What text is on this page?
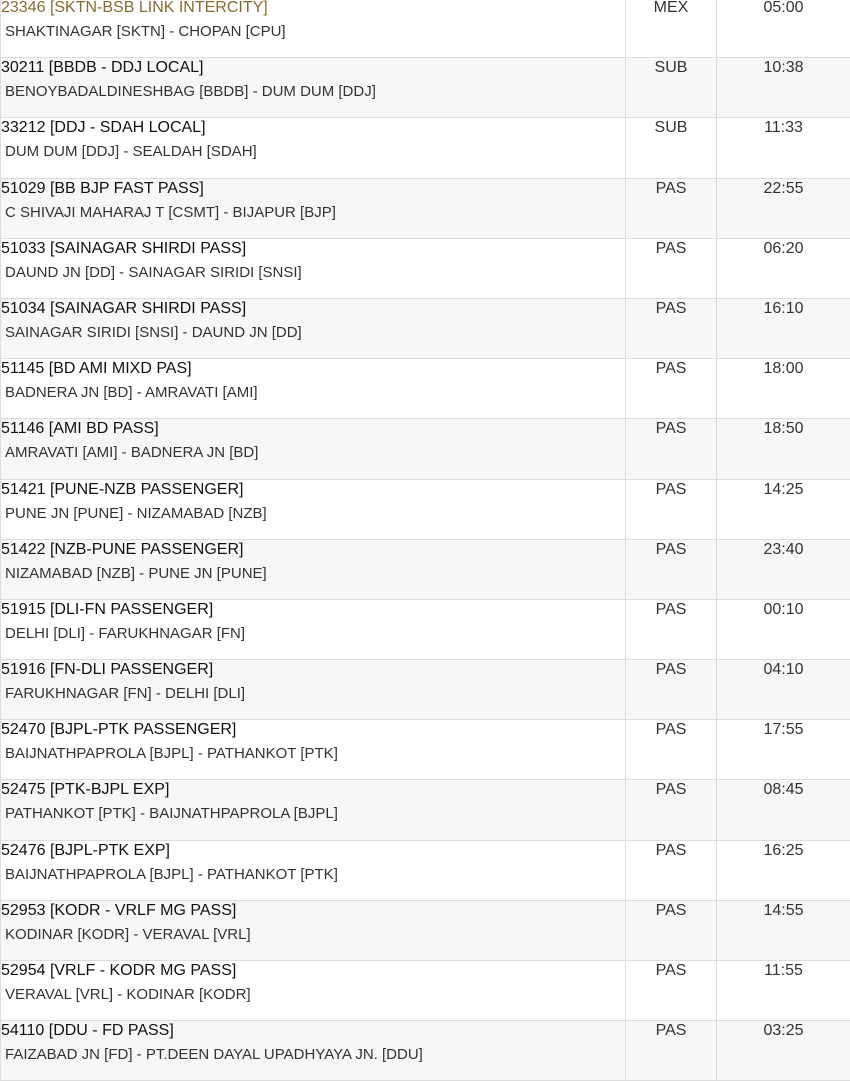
23346 [SKTN-BSB LINK INTERCITY]
SHAKTINAGAR [SKTN] - CHOPAN [CPU]	MEX	05:00

30211 [BBDB - DDJ LOCAL]
BENOYBADALDINESHBAG [BBDB] - DUM DUM [DDJ]	SUB	10:38

33212 [DDJ - SDAH LOCAL]
DUM DUM [DDJ] - SEALDAH [SDAH]	SUB	11:33

51029 [BB BJP FAST PASS]
C SHIVAJI MAHARAJ T [CSMT] - BIJAPUR [BJP]	PAS	22:55

51033 [SAINAGAR SHIRDI PASS]
DAUND JN [DD] - SAINAGAR SIRIDI [SNSI]	PAS	06:20

51034 [SAINAGAR SHIRDI PASS]
SAINAGAR SIRIDI [SNSI] - DAUND JN [DD]	PAS	16:10

51145 [BD AMI MIXD PAS]
BADNERA JN [BD] - AMRAVATI [AMI]	PAS	18:00

51146 [AMI BD PASS]
AMRAVATI [AMI] - BADNERA JN [BD]	PAS	18:50

51421 [PUNE-NZB PASSENGER]
PUNE JN [PUNE] - NIZAMABAD [NZB]	PAS	14:25

51422 [NZB-PUNE PASSENGER]
NIZAMABAD [NZB] - PUNE JN [PUNE]	PAS	23:40

51915 [DLI-FN PASSENGER]
DELHI [DLI] - FARUKHNAGAR [FN]	PAS	00:10

51916 [FN-DLI PASSENGER]
FARUKHNAGAR [FN] - DELHI [DLI]	PAS	04:10

52470 [BJPL-PTK PASSENGER]
BAIJNATHPAPROLA [BJPL] - PATHANKOT [PTK]	PAS	17:55

52475 [PTK-BJPL EXP]
PATHANKOT [PTK] - BAIJNATHPAPROLA [BJPL]	PAS	08:45

52476 [BJPL-PTK EXP]
BAIJNATHPAPROLA [BJPL] - PATHANKOT [PTK]	PAS	16:25

52953 [KODR - VRLF MG PASS]
KODINAR [KODR] - VERAVAL [VRL]	PAS	14:55

52954 [VRLF - KODR MG PASS]
VERAVAL [VRL] - KODINAR [KODR]	PAS	11:55

54110 [DDU - FD PASS]
FAIZABAD JN [FD] - PT.DEEN DAYAL UPADHYAYA JN. [DDU]	PAS	03:25
